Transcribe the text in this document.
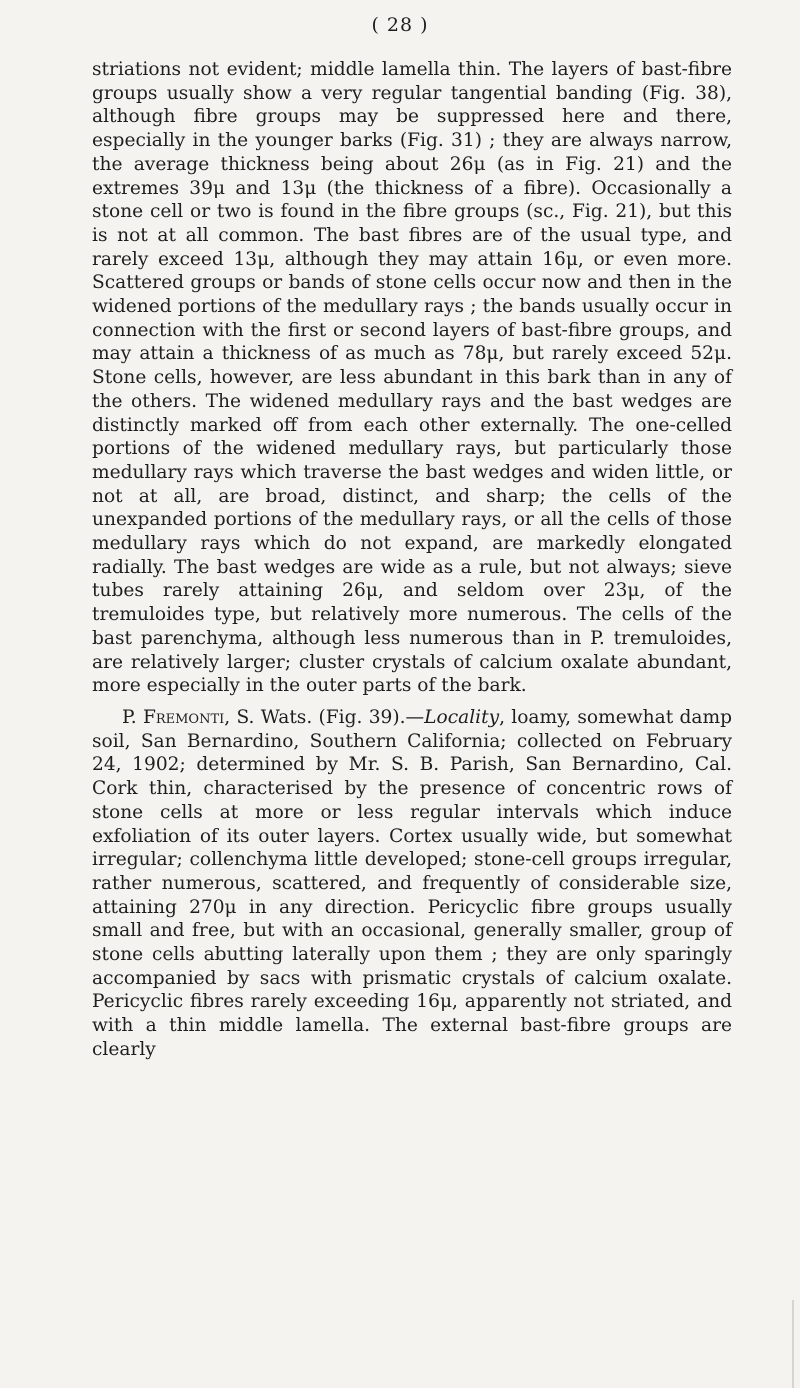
( 28 )

striations not evident; middle lamella thin. The layers of bast-fibre groups usually show a very regular tangential banding (Fig. 38), although fibre groups may be suppressed here and there, especially in the younger barks (Fig. 31) ; they are always narrow, the average thickness being about 26μ (as in Fig. 21) and the extremes 39μ and 13μ (the thickness of a fibre). Occasionally a stone cell or two is found in the fibre groups (sc., Fig. 21), but this is not at all common. The bast fibres are of the usual type, and rarely exceed 13μ, although they may attain 16μ, or even more. Scattered groups or bands of stone cells occur now and then in the widened portions of the medullary rays ; the bands usually occur in connection with the first or second layers of bast-fibre groups, and may attain a thickness of as much as 78μ, but rarely exceed 52μ. Stone cells, however, are less abundant in this bark than in any of the others. The widened medullary rays and the bast wedges are distinctly marked off from each other externally. The one-celled portions of the widened medullary rays, but particularly those medullary rays which traverse the bast wedges and widen little, or not at all, are broad, distinct, and sharp; the cells of the unexpanded portions of the medullary rays, or all the cells of those medullary rays which do not expand, are markedly elongated radially. The bast wedges are wide as a rule, but not always; sieve tubes rarely attaining 26μ, and seldom over 23μ, of the tremuloides type, but relatively more numerous. The cells of the bast parenchyma, although less numerous than in P. tremuloides, are relatively larger; cluster crystals of calcium oxalate abundant, more especially in the outer parts of the bark.

P. Fremonti, S. Wats. (Fig. 39).—Locality, loamy, somewhat damp soil, San Bernardino, Southern California; collected on February 24, 1902; determined by Mr. S. B. Parish, San Bernardino, Cal. Cork thin, characterised by the presence of concentric rows of stone cells at more or less regular intervals which induce exfoliation of its outer layers. Cortex usually wide, but somewhat irregular; collenchyma little developed; stone-cell groups irregular, rather numerous, scattered, and frequently of considerable size, attaining 270μ in any direction. Pericyclic fibre groups usually small and free, but with an occasional, generally smaller, group of stone cells abutting laterally upon them ; they are only sparingly accompanied by sacs with prismatic crystals of calcium oxalate. Pericyclic fibres rarely exceeding 16μ, apparently not striated, and with a thin middle lamella. The external bast-fibre groups are clearly
